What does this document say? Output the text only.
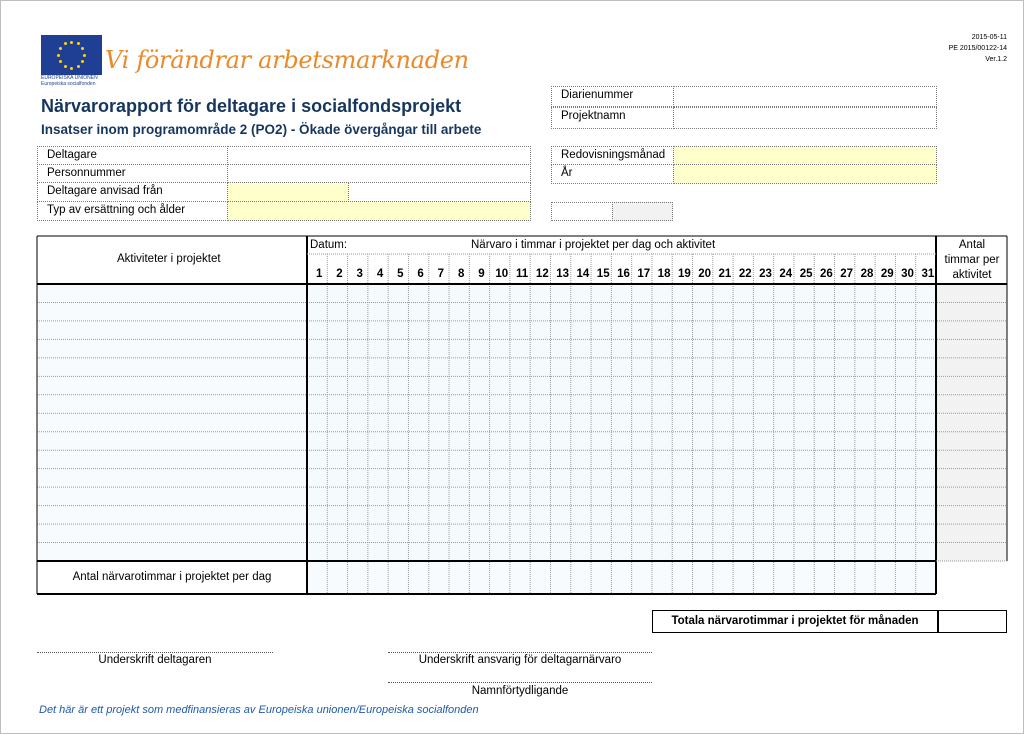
EUROPEISKA UNIONEN
Europeiska socialfonden
Vi förändrar arbetsmarknaden
2015-05-11
PE 2015/00122-14
Ver.1.2
Närvarorapport för deltagare i socialfondsprojekt
Insatser inom programområde 2 (PO2) - Ökade övergångar till arbete
Diarienummer
Projektnamn
Deltagare
Personnummer
Deltagare anvisad från
Typ av ersättning och ålder
Redovisningsmånad
År
Aktiviteter i projektet
Datum:	Närvaro i timmar i projektet per dag och aktivitet	Antal
timmar per
aktivitet
1	2	3	4	5	6	7	8	9 10 11 12 13 14 15 16 17 18 19 20 21 22 23 24 25 26 27 28 29 30 31
Antal närvarotimmar i projektet per dag
Totala närvarotimmar i projektet för månaden
Underskrift deltagaren	Underskrift ansvarig för deltagarnärvaro
Namnförtydligande
Det här är ett projekt som medfinansieras av Europeiska unionen/Europeiska socialfonden
